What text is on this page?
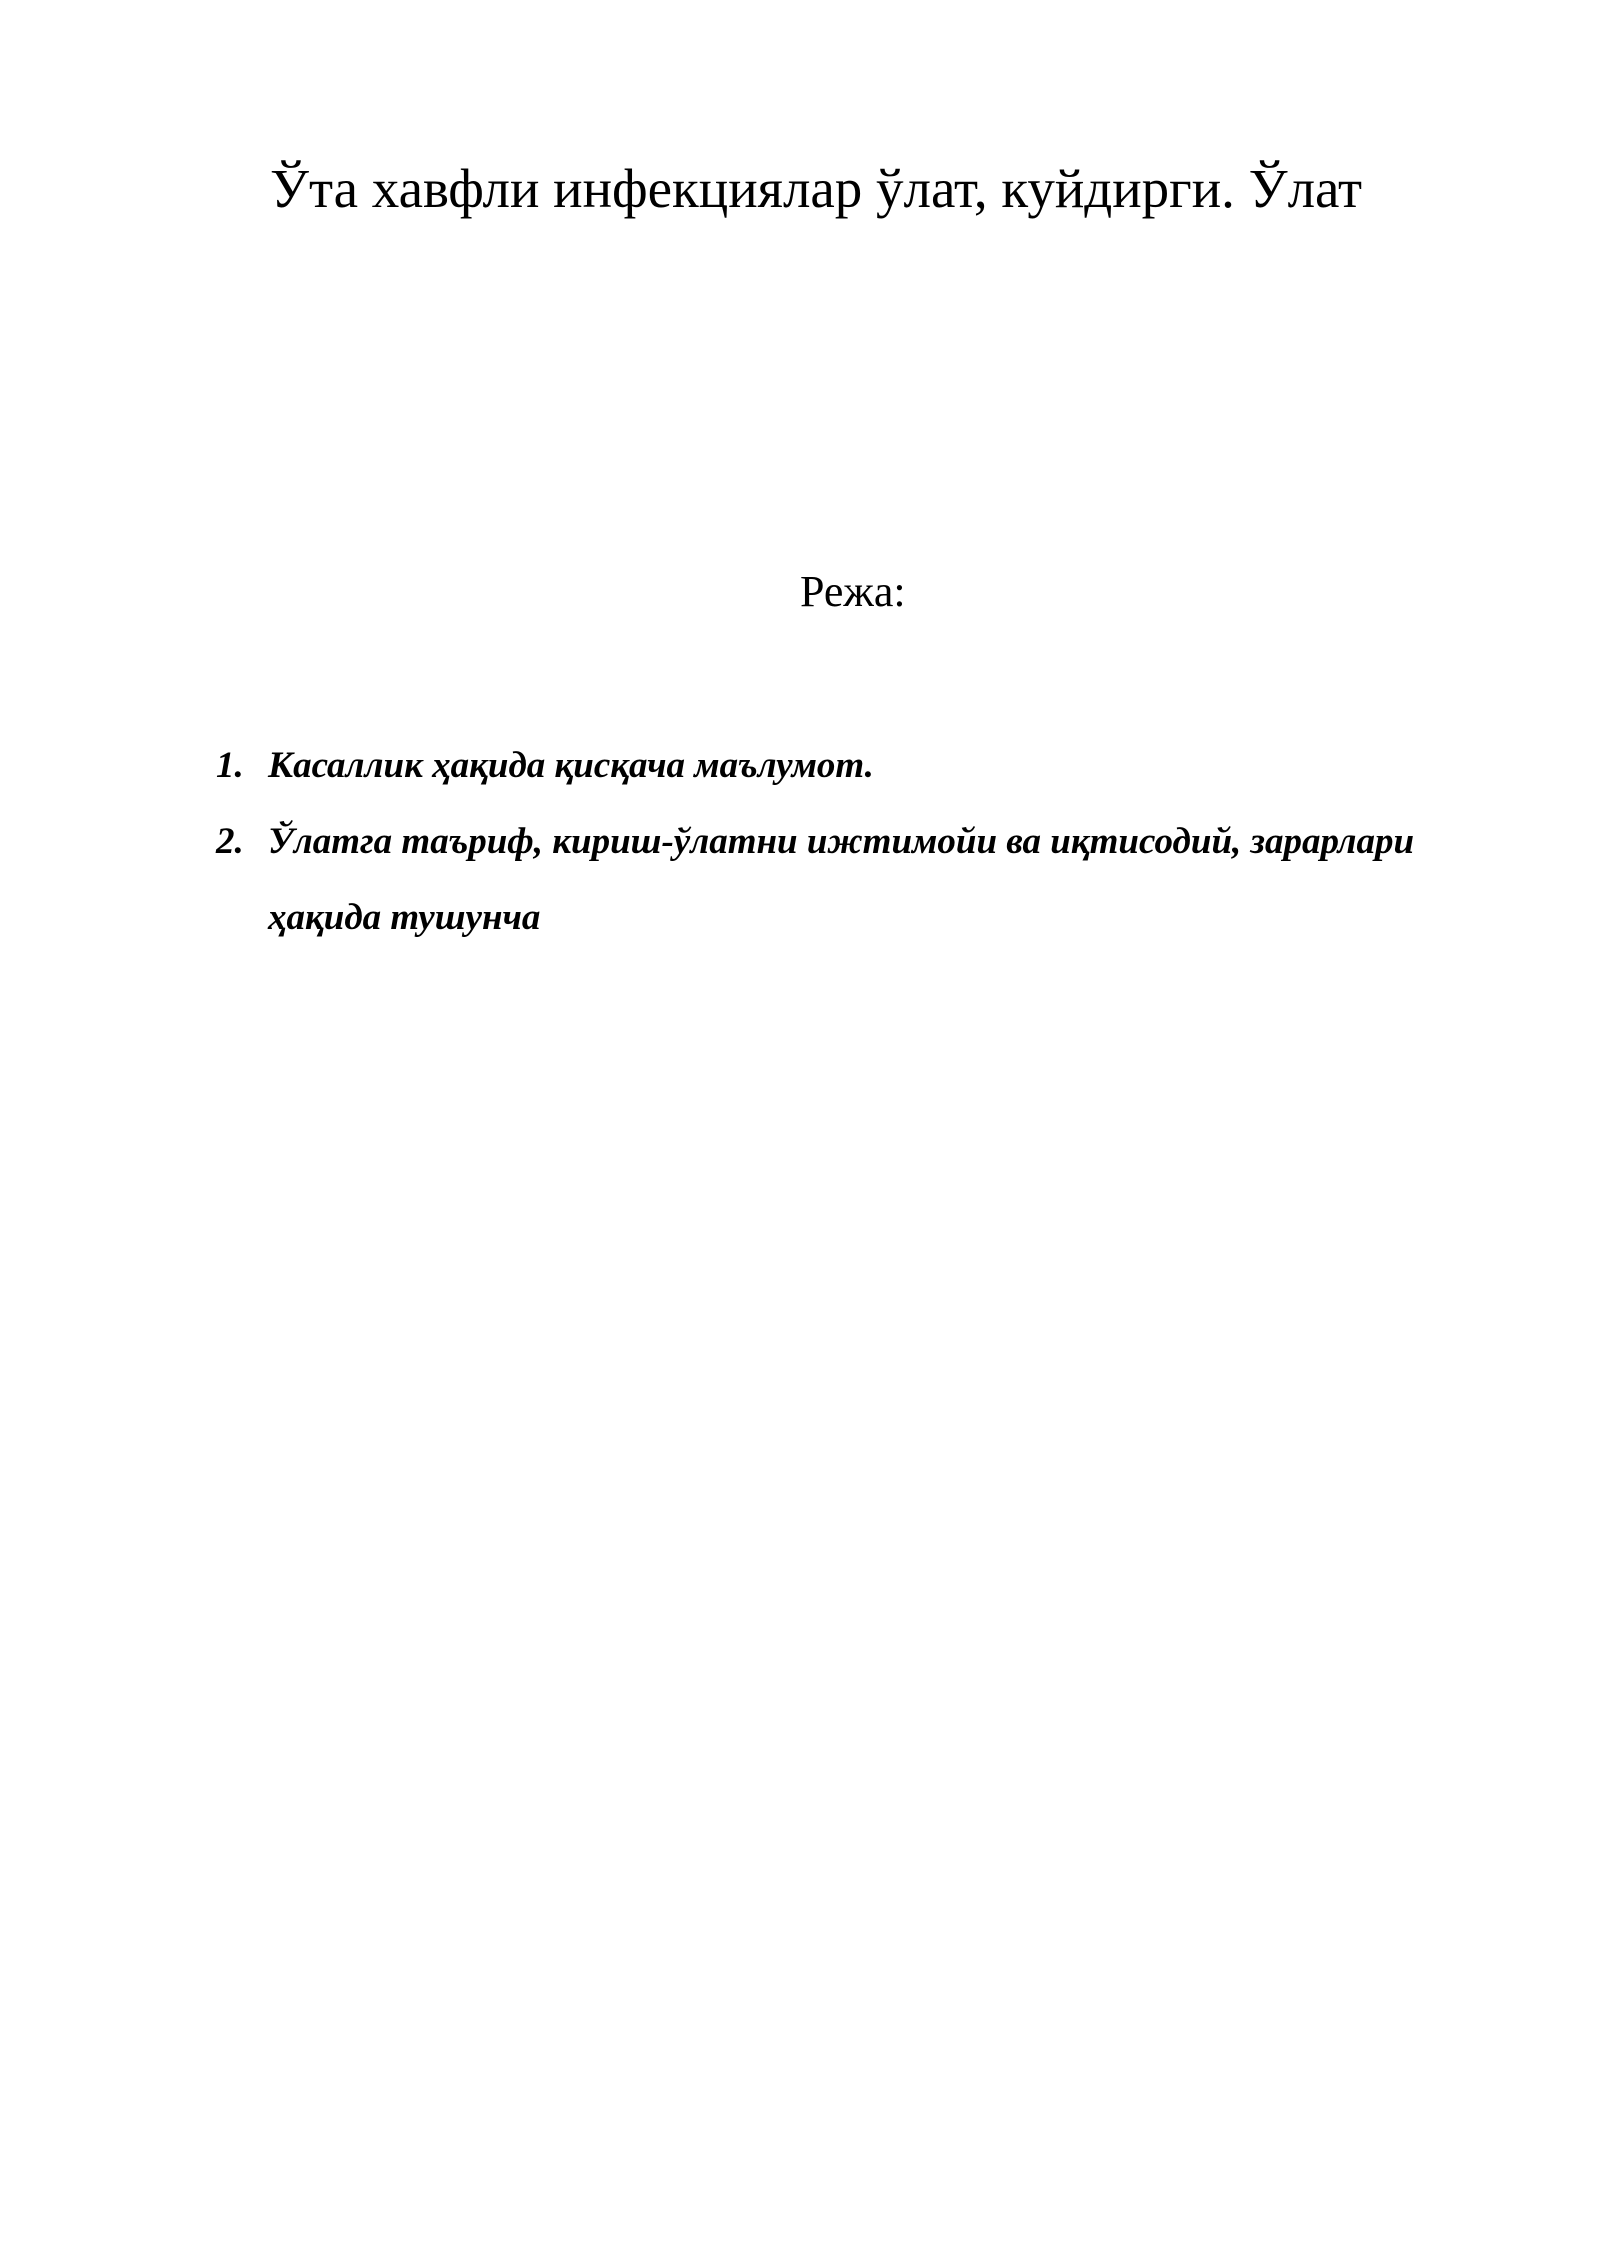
Ўта хавфли инфекциялар ўлат, куйдирги. Ўлат

Режа:

1. Касаллик ҳақида қисқача маълумот.
2. Ўлатга таъриф, кириш-ўлатни ижтимойи ва иқтисодий, зарарлари ҳақида тушунча
